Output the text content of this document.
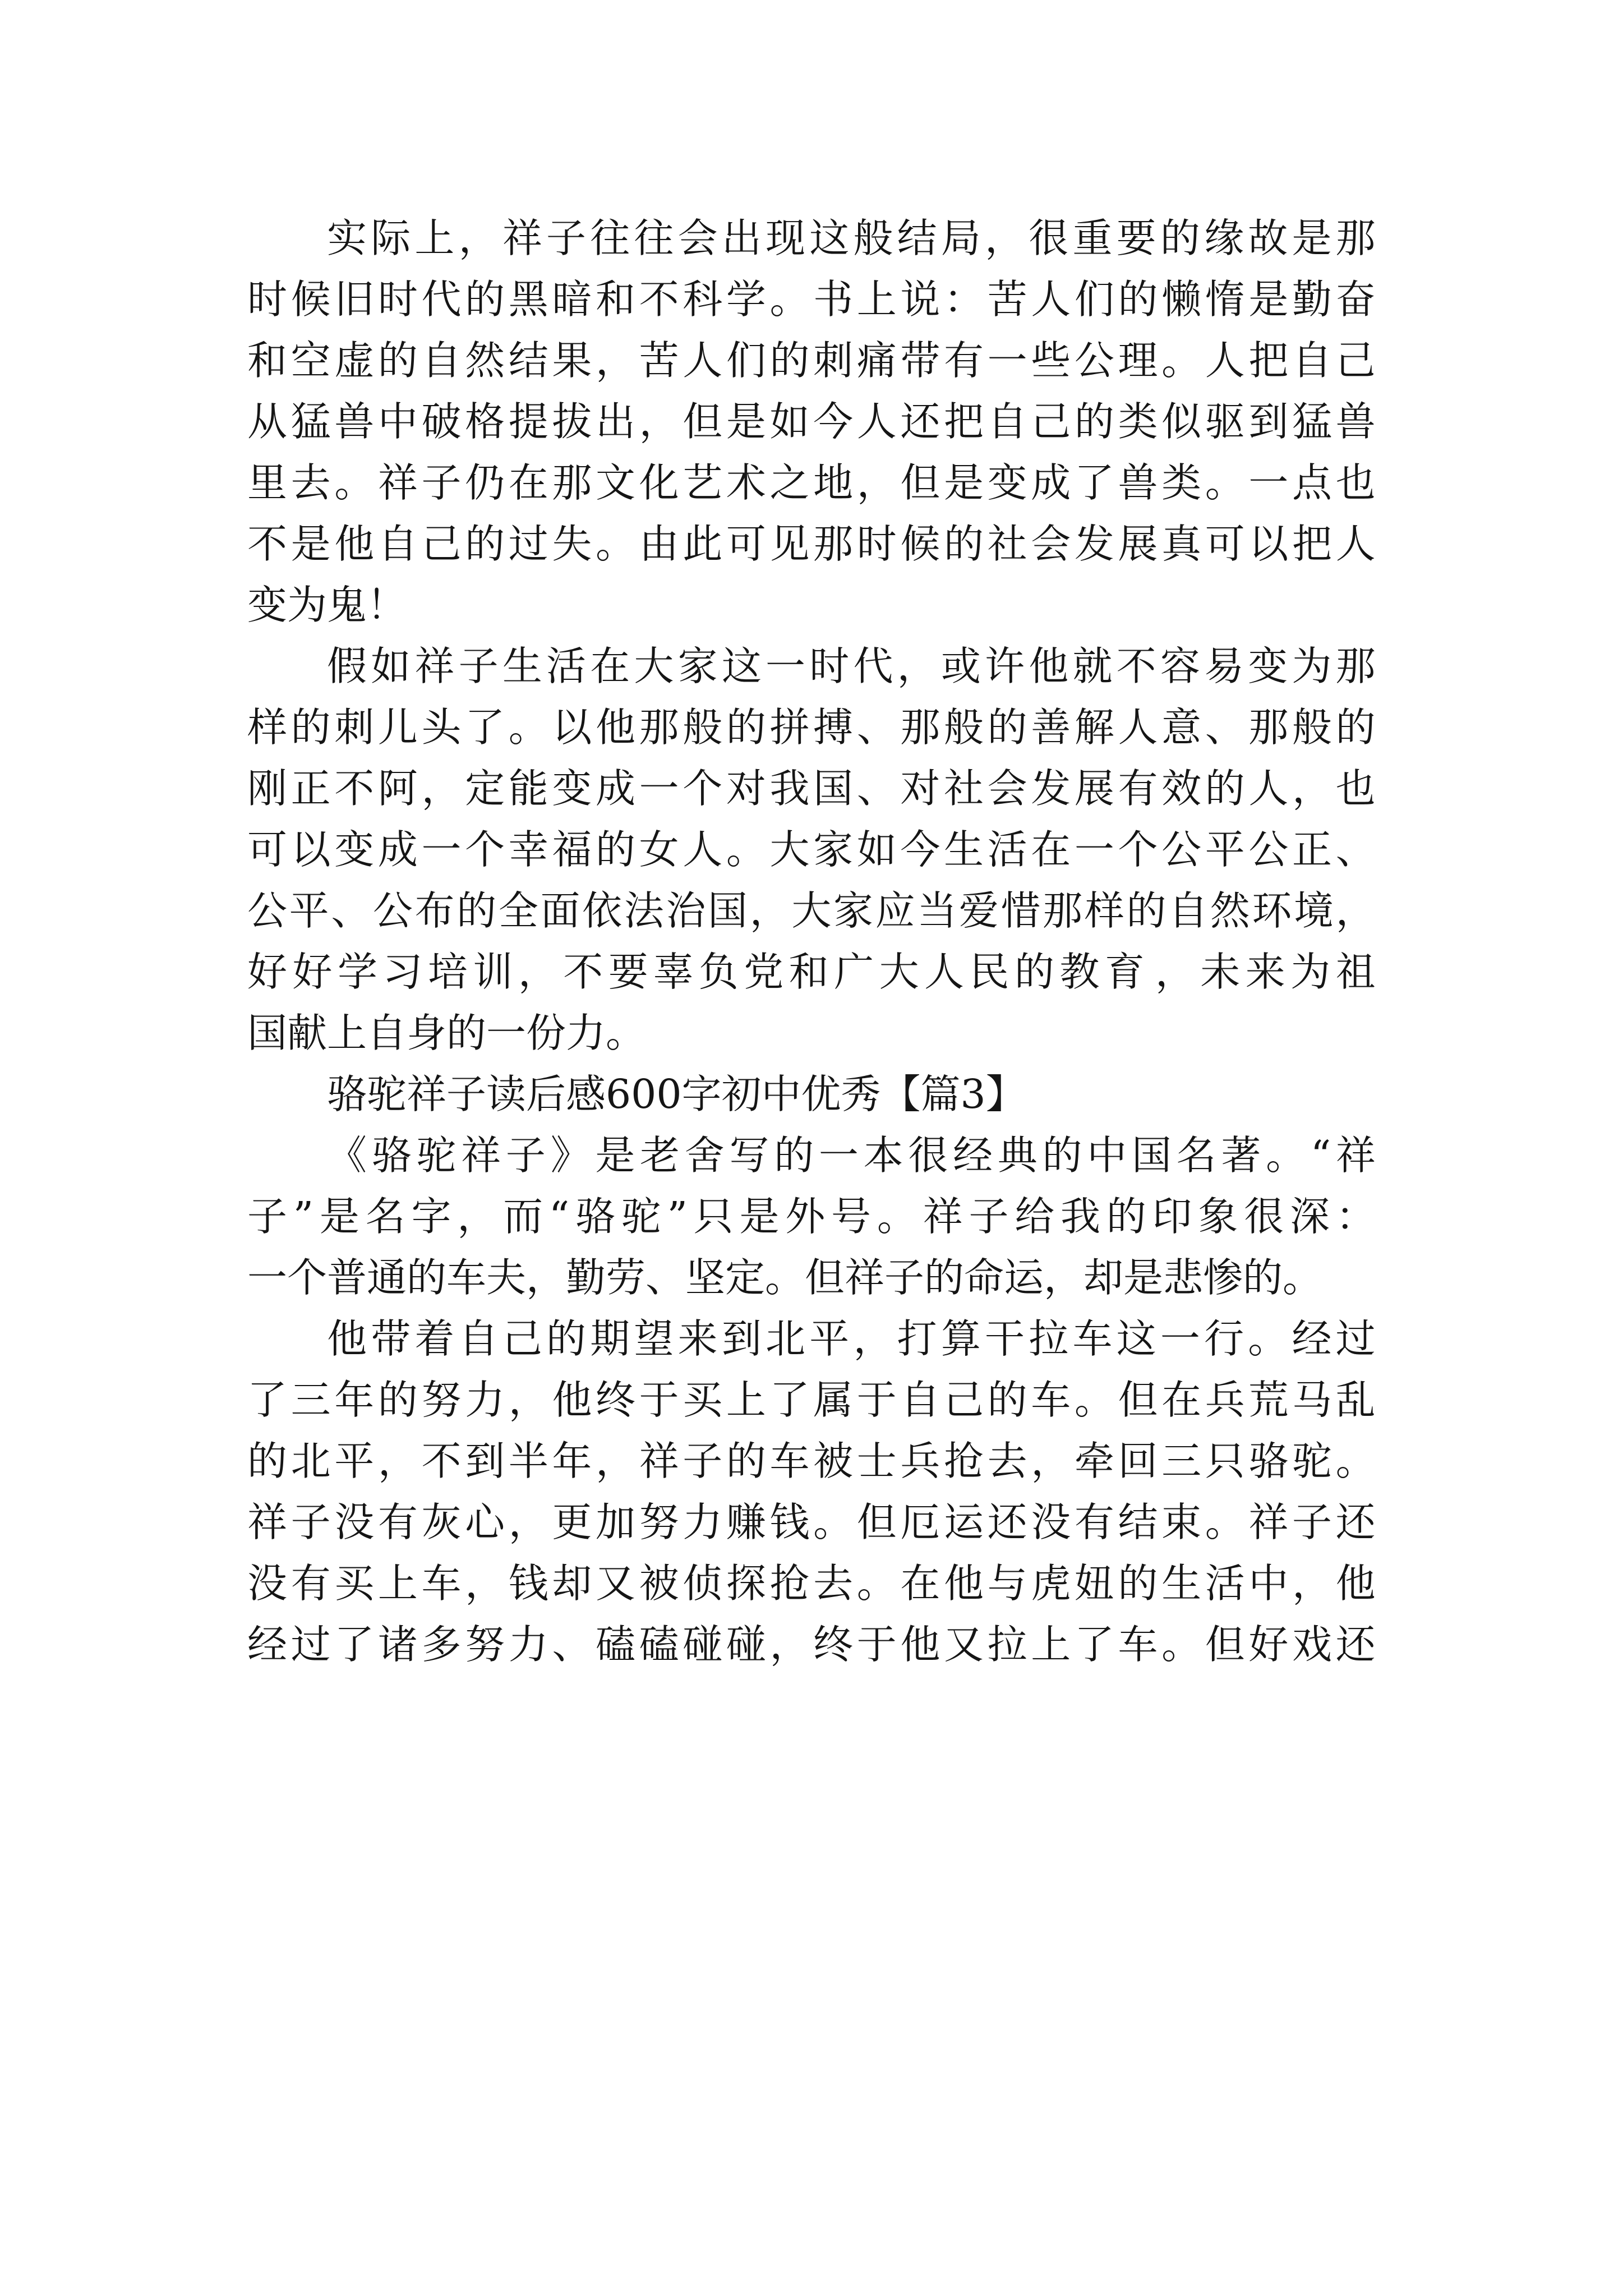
实 际 上 ， 祥 子 往 往 会 出 现 这 般 结 局 ， 很 重 要 的 缘 故 是 那
时 候 旧 时 代 的 黑 暗 和 不 科 学 。 书 上 说 ： 苦 人 们 的 懒 惰 是 勤 奋
和 空 虚 的 自 然 结 果 ， 苦 人 们 的 刺 痛 带 有 一 些 公 理 。 人 把 自 己
从 猛 兽 中 破 格 提 拔 出 ， 但 是 如 今 人 还 把 自 己 的 类 似 驱 到 猛 兽
里 去 。 祥 子 仍 在 那 文 化 艺 术 之 地 ， 但 是 变 成 了 兽 类 。 一 点 也
不 是 他 自 己 的 过 失 。 由 此 可 见 那 时 候 的 社 会 发 展 真 可 以 把 人
变为鬼！
假 如 祥 子 生 活 在 大 家 这 一 时 代 ， 或 许 他 就 不 容 易 变 为 那
样 的 刺 儿 头 了 。 以 他 那 般 的 拼 搏 、 那 般 的 善 解 人 意 、 那 般 的
刚 正 不 阿 ， 定 能 变 成 一 个 对 我 国 、 对 社 会 发 展 有 效 的 人 ， 也
可 以 变 成 一 个 幸 福 的 女 人 。 大 家 如 今 生 活 在 一 个 公 平 公 正 、
公 平 、 公 布 的 全 面 依 法 治 国 ， 大 家 应 当 爱 惜 那 样 的 自 然 环 境 ，
好 好 学 习 培 训 ， 不 要 辜 负 党 和 广 大 人 民 的 教 育 ， 未 来 为 祖
国献上自身的一份力。
骆驼祥子读后感600字初中优秀【篇3】
《 骆 驼 祥 子 》 是 老 舍 写 的 一 本 很 经 典 的 中 国 名 著 。 “ 祥
子 ” 是 名 字 ， 而 “ 骆 驼 ” 只 是 外 号 。 祥 子 给 我 的 印 象 很 深 ：
一个普通的车夫，勤劳、坚定。但祥子的命运，却是悲惨的。
他 带 着 自 己 的 期 望 来 到 北 平 ， 打 算 干 拉 车 这 一 行 。 经 过
了 三 年 的 努 力 ， 他 终 于 买 上 了 属 于 自 己 的 车 。 但 在 兵 荒 马 乱
的 北 平 ， 不 到 半 年 ， 祥 子 的 车 被 士 兵 抢 去 ， 牵 回 三 只 骆 驼 。
祥 子 没 有 灰 心 ， 更 加 努 力 赚 钱 。 但 厄 运 还 没 有 结 束 。 祥 子 还
没 有 买 上 车 ， 钱 却 又 被 侦 探 抢 去 。 在 他 与 虎 妞 的 生 活 中 ， 他
经 过 了 诸 多 努 力 、 磕 磕 碰 碰 ， 终 于 他 又 拉 上 了 车 。 但 好 戏 还
